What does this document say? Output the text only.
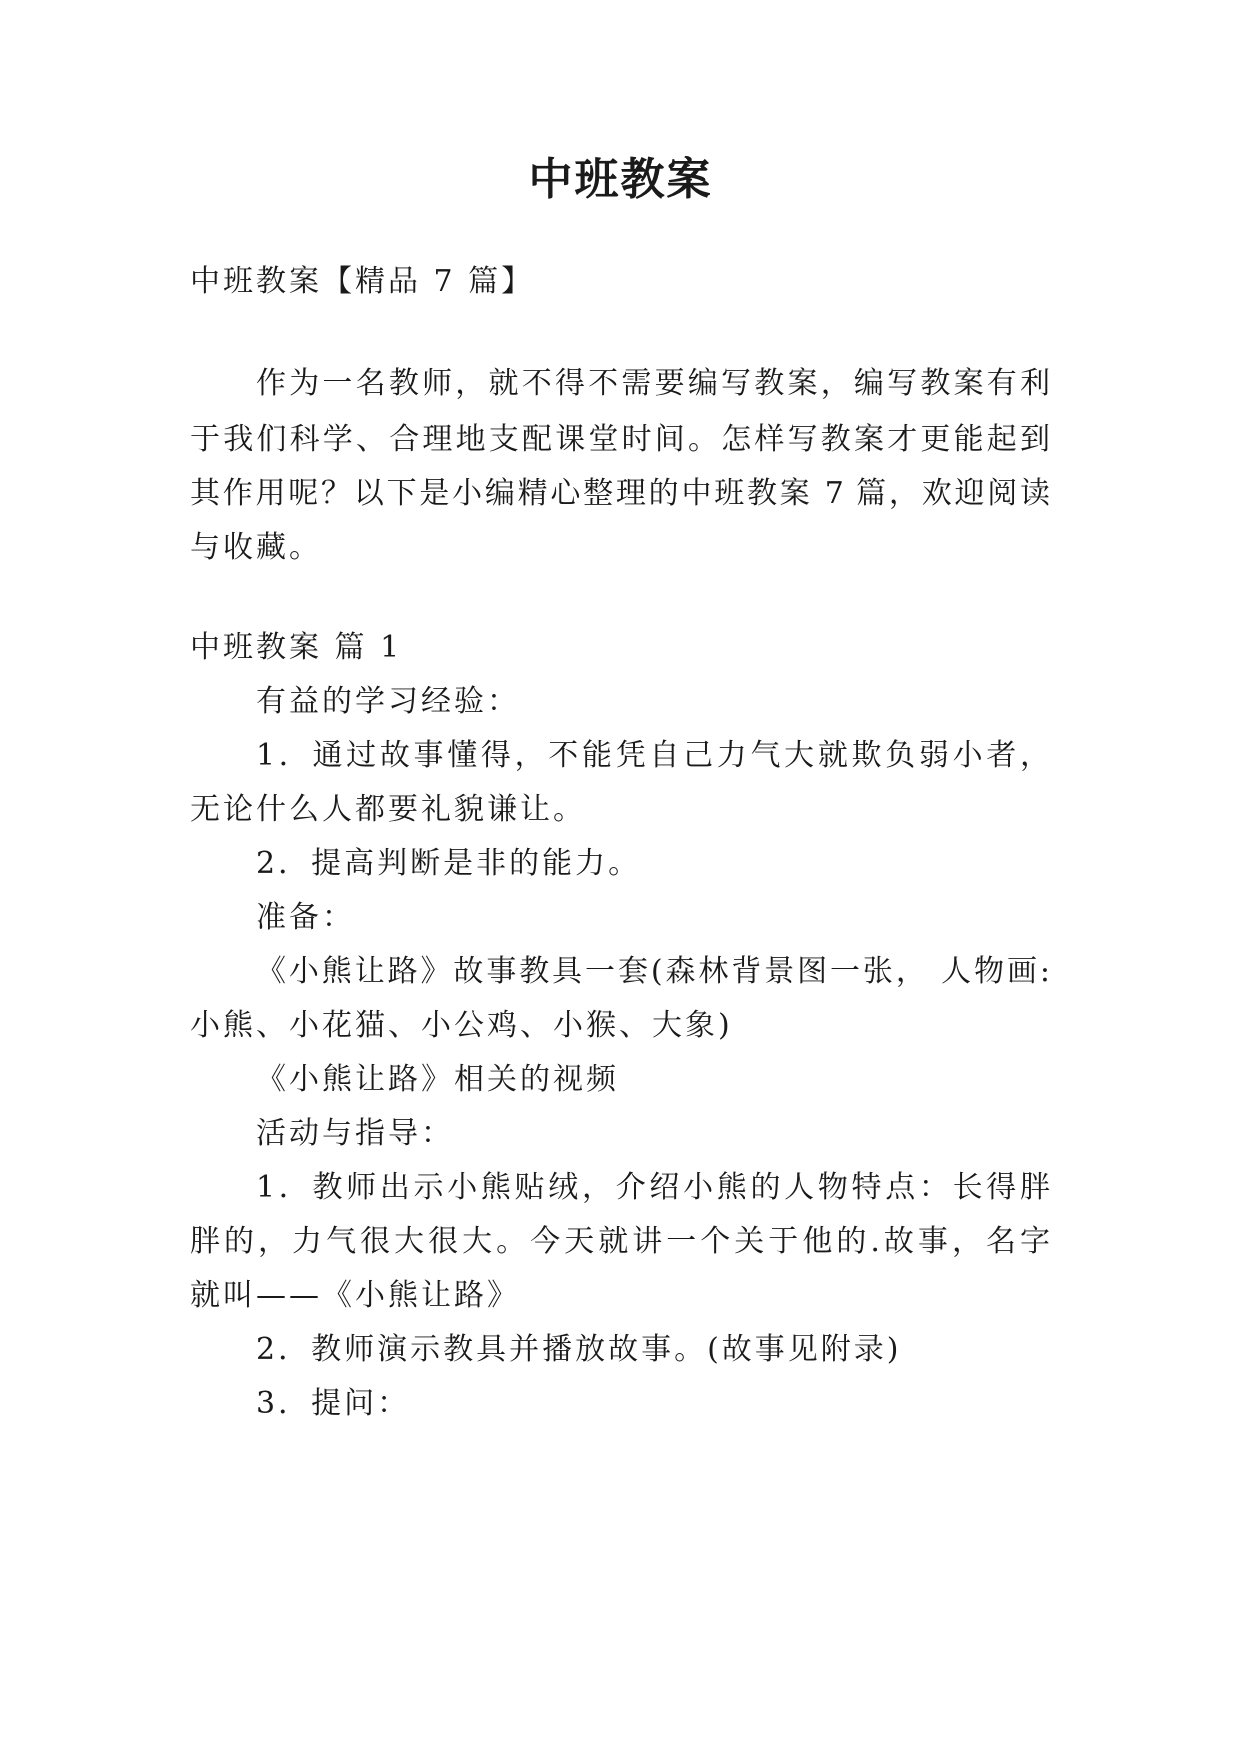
中班教案
中班教案【精品 7 篇】
作为一名教师，就不得不需要编写教案，编写教案有利
于我们科学、合理地支配课堂时间。怎样写教案才更能起到
其作用呢？以下是小编精心整理的中班教案 7 篇，欢迎阅读
与收藏。
中班教案 篇 1
有益的学习经验：
1．通过故事懂得，不能凭自己力气大就欺负弱小者，
无论什么人都要礼貌谦让。
2．提高判断是非的能力。
准备：
《小熊让路》故事教具一套(森林背景图一张， 人物画:
小熊、小花猫、小公鸡、小猴、大象)
《小熊让路》相关的视频
活动与指导：
1．教师出示小熊贴绒，介绍小熊的人物特点：长得胖
胖的，力气很大很大。今天就讲一个关于他的.故事，名字
就叫——《小熊让路》
2．教师演示教具并播放故事。(故事见附录)
3．提问：
